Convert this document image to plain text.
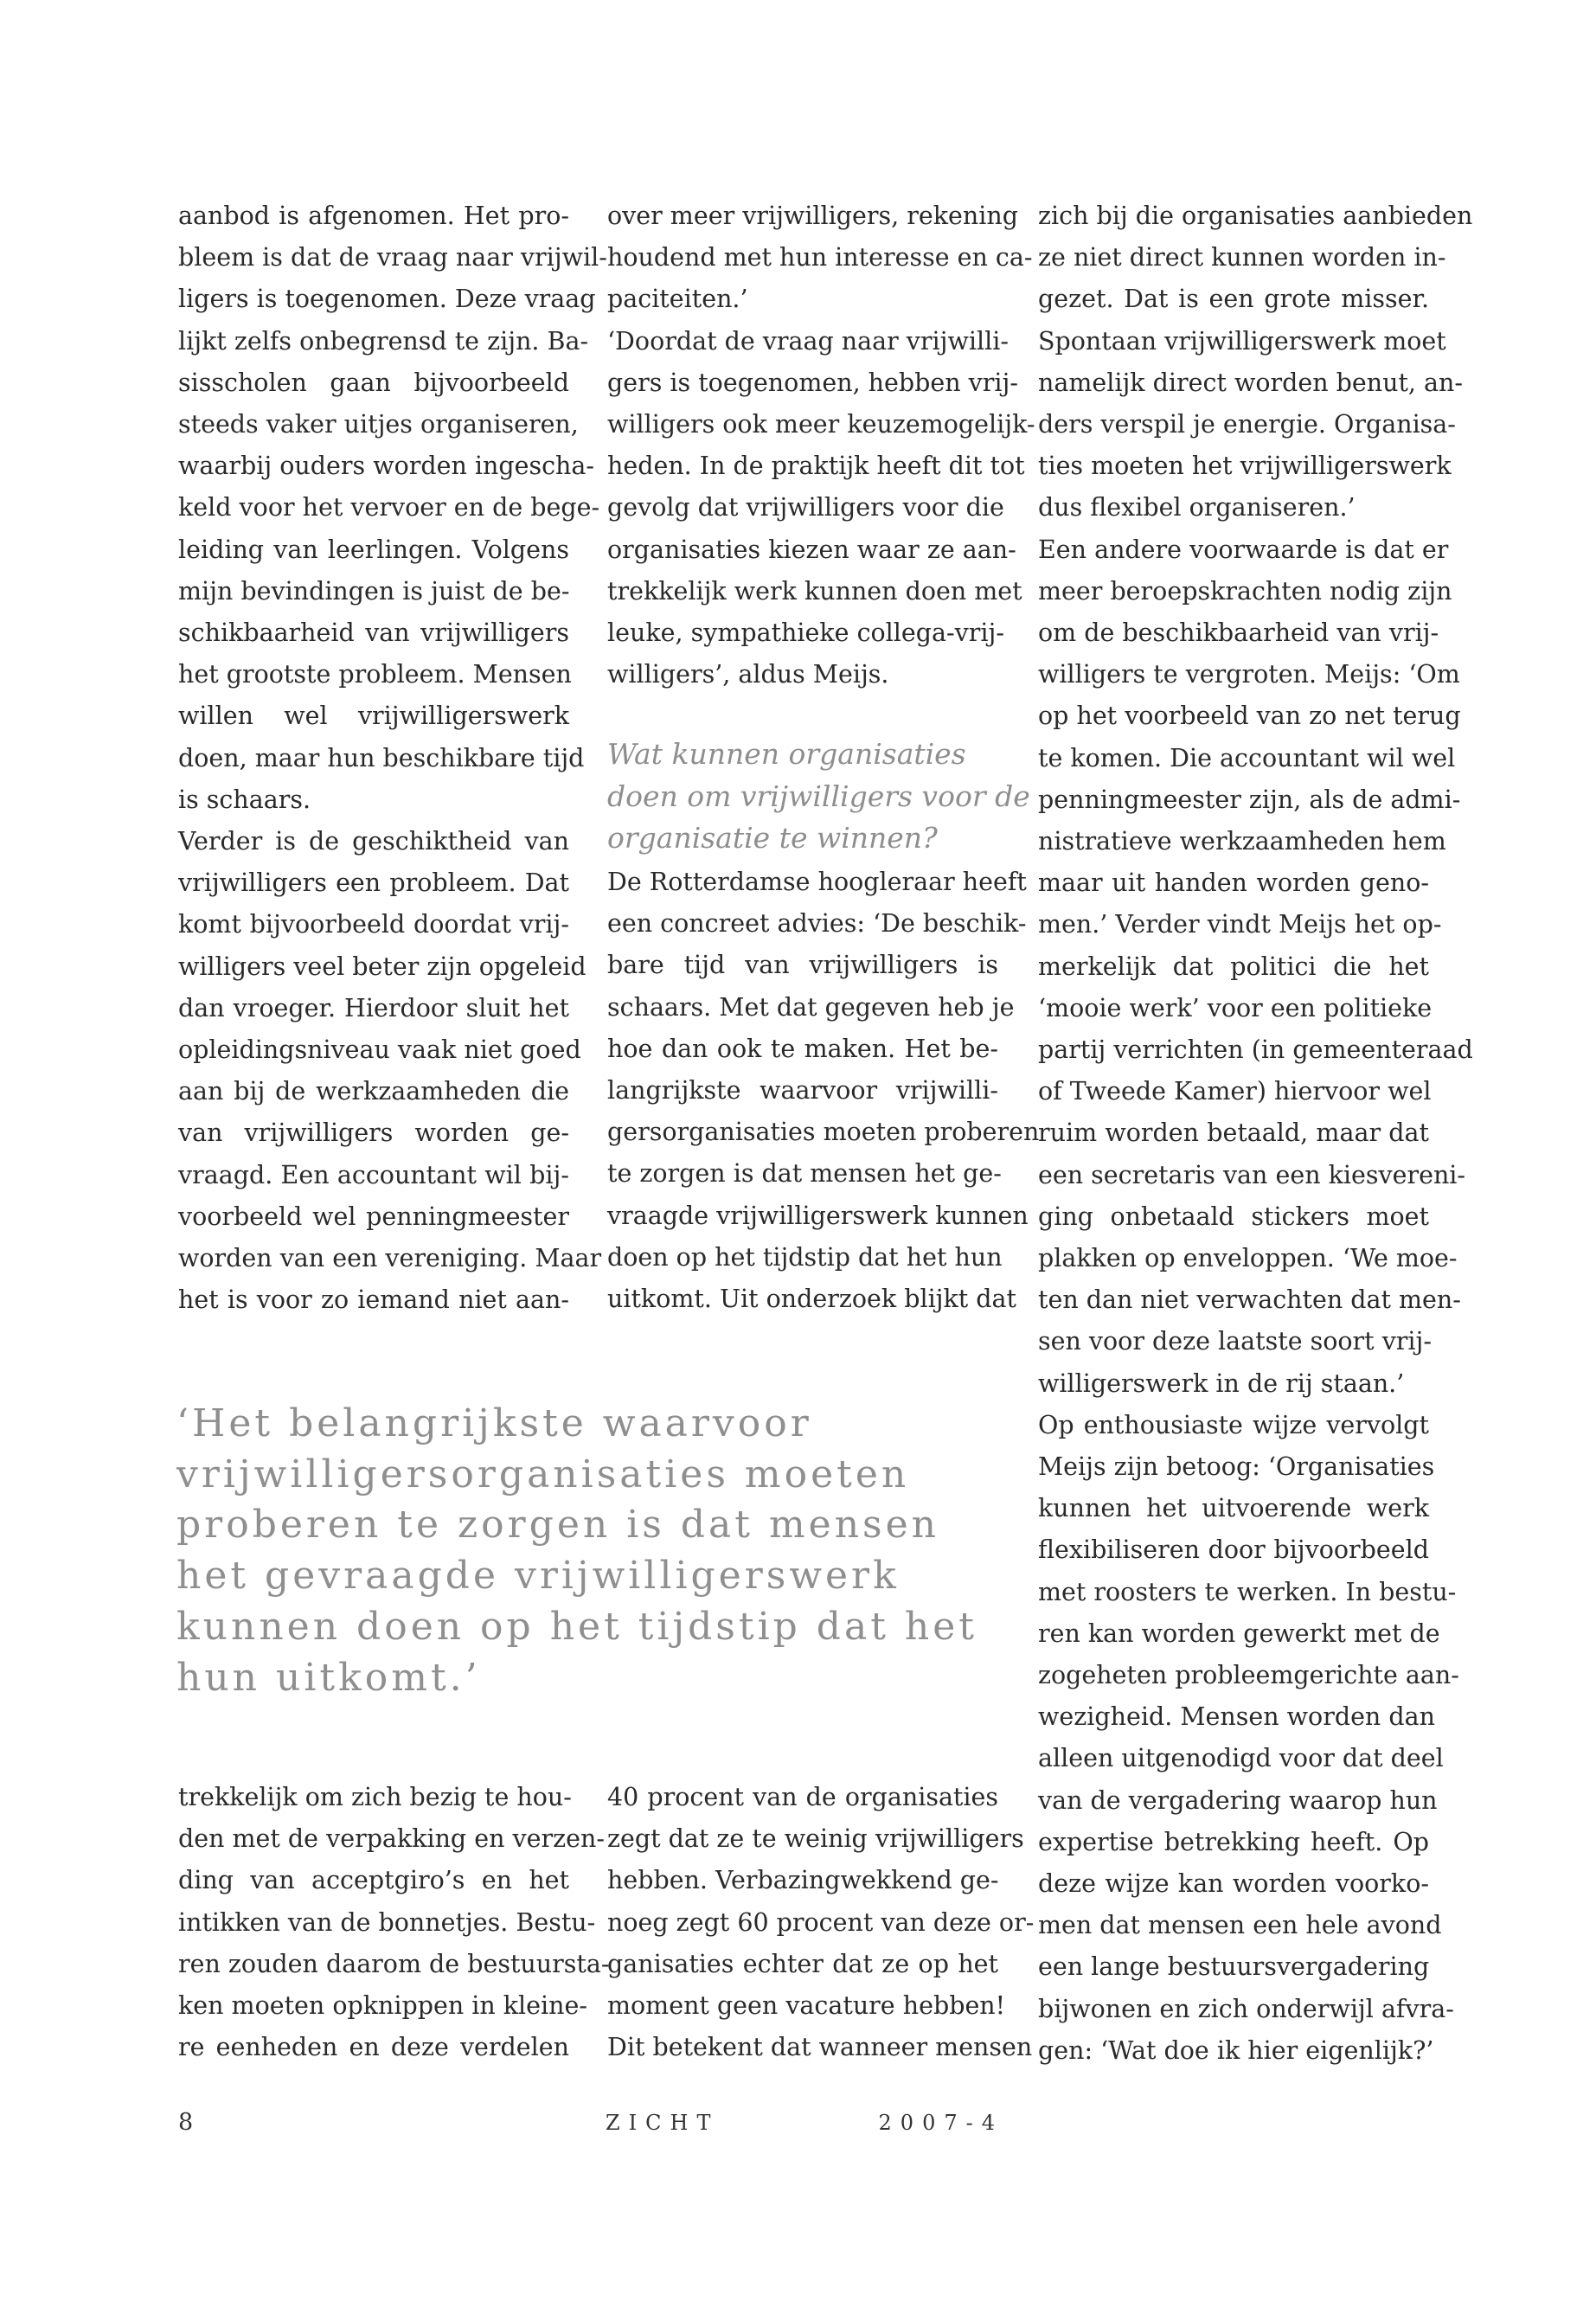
aanbod is afgenomen. Het pro-
bleem is dat de vraag naar vrijwil-
ligers is toegenomen. Deze vraag
lijkt zelfs onbegrensd te zijn. Ba-
sisscholen gaan bijvoorbeeld
steeds vaker uitjes organiseren,
waarbij ouders worden ingescha-
keld voor het vervoer en de bege-
leiding van leerlingen. Volgens
mijn bevindingen is juist de be-
schikbaarheid van vrijwilligers
het grootste probleem. Mensen
willen wel vrijwilligerswerk
doen, maar hun beschikbare tijd
is schaars.
Verder is de geschiktheid van
vrijwilligers een probleem. Dat
komt bijvoorbeeld doordat vrij-
willigers veel beter zijn opgeleid
dan vroeger. Hierdoor sluit het
opleidingsniveau vaak niet goed
aan bij de werkzaamheden die
van vrijwilligers worden ge-
vraagd. Een accountant wil bij-
voorbeeld wel penningmeester
worden van een vereniging. Maar
het is voor zo iemand niet aan-
over meer vrijwilligers, rekening
houdend met hun interesse en ca-
paciteiten.’
‘Doordat de vraag naar vrijwilli-
gers is toegenomen, hebben vrij-
willigers ook meer keuzemogelijk-
heden. In de praktijk heeft dit tot
gevolg dat vrijwilligers voor die
organisaties kiezen waar ze aan-
trekkelijk werk kunnen doen met
leuke, sympathieke collega-vrij-
willigers’, aldus Meijs.
Wat kunnen organisaties
doen om vrijwilligers voor de
organisatie te winnen?
De Rotterdamse hoogleraar heeft
een concreet advies: ‘De beschik-
bare tijd van vrijwilligers is
schaars. Met dat gegeven heb je
hoe dan ook te maken. Het be-
langrijkste waarvoor vrijwilli-
gersorganisaties moeten proberen
te zorgen is dat mensen het ge-
vraagde vrijwilligerswerk kunnen
doen op het tijdstip dat het hun
uitkomt. Uit onderzoek blijkt dat
zich bij die organisaties aanbieden
ze niet direct kunnen worden in-
gezet. Dat is een grote misser.
Spontaan vrijwilligerswerk moet
namelijk direct worden benut, an-
ders verspil je energie. Organisa-
ties moeten het vrijwilligerswerk
dus flexibel organiseren.’
Een andere voorwaarde is dat er
meer beroepskrachten nodig zijn
om de beschikbaarheid van vrij-
willigers te vergroten. Meijs: ‘Om
op het voorbeeld van zo net terug
te komen. Die accountant wil wel
penningmeester zijn, als de admi-
nistratieve werkzaamheden hem
maar uit handen worden geno-
men.’ Verder vindt Meijs het op-
merkelijk dat politici die het
‘mooie werk’ voor een politieke
partij verrichten (in gemeenteraad
of Tweede Kamer) hiervoor wel
ruim worden betaald, maar dat
een secretaris van een kiesvereni-
ging onbetaald stickers moet
plakken op enveloppen. ‘We moe-
ten dan niet verwachten dat men-
sen voor deze laatste soort vrij-
willigerswerk in de rij staan.’
Op enthousiaste wijze vervolgt
Meijs zijn betoog: ‘Organisaties
kunnen het uitvoerende werk
flexibiliseren door bijvoorbeeld
met roosters te werken. In bestu-
ren kan worden gewerkt met de
zogeheten probleemgerichte aan-
wezigheid. Mensen worden dan
alleen uitgenodigd voor dat deel
van de vergadering waarop hun
expertise betrekking heeft. Op
deze wijze kan worden voorko-
men dat mensen een hele avond
een lange bestuursvergadering
bijwonen en zich onderwijl afvra-
gen: ‘Wat doe ik hier eigenlijk?’
‘Het belangrijkste waarvoor
vrijwilligersorganisaties moeten
proberen te zorgen is dat mensen
het gevraagde vrijwilligerswerk
kunnen doen op het tijdstip dat het
hun uitkomt.’
trekkelijk om zich bezig te hou-
den met de verpakking en verzen-
ding van acceptgiro’s en het
intikken van de bonnetjes. Bestu-
ren zouden daarom de bestuursta-
ken moeten opknippen in kleine-
re eenheden en deze verdelen
40 procent van de organisaties
zegt dat ze te weinig vrijwilligers
hebben. Verbazingwekkend ge-
noeg zegt 60 procent van deze or-
ganisaties echter dat ze op het
moment geen vacature hebben!
Dit betekent dat wanneer mensen
8	ZICHT 2007-4
